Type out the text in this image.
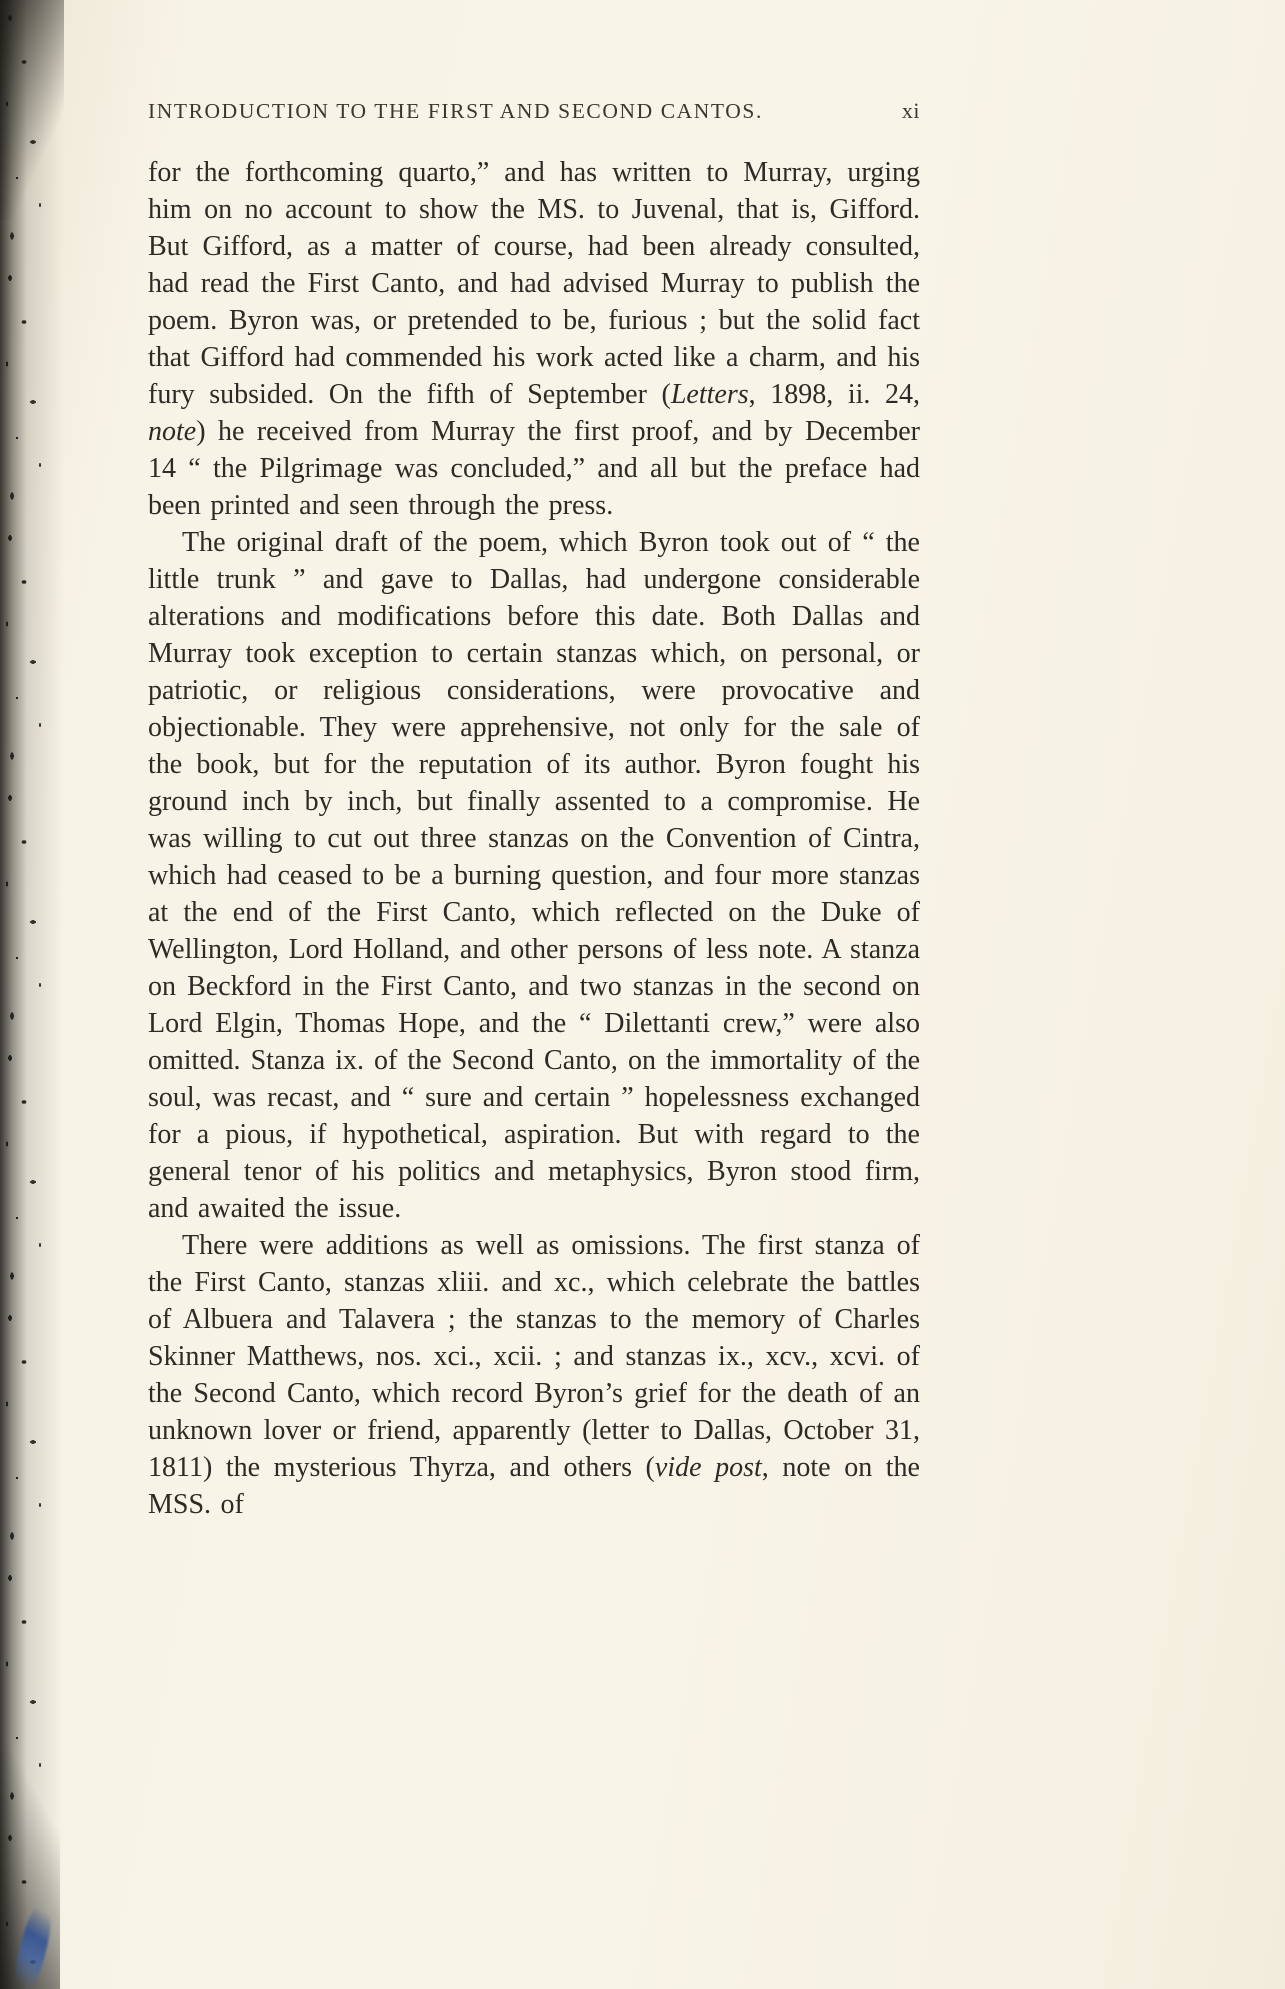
INTRODUCTION TO THE FIRST AND SECOND CANTOS.	xi

for the forthcoming quarto,” and has written to Murray, urging him on no account to show the MS. to Juvenal, that is, Gifford. But Gifford, as a matter of course, had been already consulted, had read the First Canto, and had advised Murray to publish the poem. Byron was, or pretended to be, furious ; but the solid fact that Gifford had commended his work acted like a charm, and his fury subsided. On the fifth of September (Letters, 1898, ii. 24, note) he received from Murray the first proof, and by December 14 “ the Pilgrimage was concluded,” and all but the preface had been printed and seen through the press.

The original draft of the poem, which Byron took out of “ the little trunk ” and gave to Dallas, had undergone considerable alterations and modifications before this date. Both Dallas and Murray took exception to certain stanzas which, on personal, or patriotic, or religious considerations, were provocative and objectionable. They were apprehensive, not only for the sale of the book, but for the reputation of its author. Byron fought his ground inch by inch, but finally assented to a compromise. He was willing to cut out three stanzas on the Convention of Cintra, which had ceased to be a burning question, and four more stanzas at the end of the First Canto, which reflected on the Duke of Wellington, Lord Holland, and other persons of less note. A stanza on Beckford in the First Canto, and two stanzas in the second on Lord Elgin, Thomas Hope, and the “ Dilettanti crew,” were also omitted. Stanza ix. of the Second Canto, on the immortality of the soul, was recast, and “ sure and certain ” hopelessness exchanged for a pious, if hypothetical, aspiration. But with regard to the general tenor of his politics and metaphysics, Byron stood firm, and awaited the issue.

There were additions as well as omissions. The first stanza of the First Canto, stanzas xliii. and xc., which celebrate the battles of Albuera and Talavera ; the stanzas to the memory of Charles Skinner Matthews, nos. xci., xcii. ; and stanzas ix., xcv., xcvi. of the Second Canto, which record Byron’s grief for the death of an unknown lover or friend, apparently (letter to Dallas, October 31, 1811) the mysterious Thyrza, and others (vide post, note on the MSS. of
